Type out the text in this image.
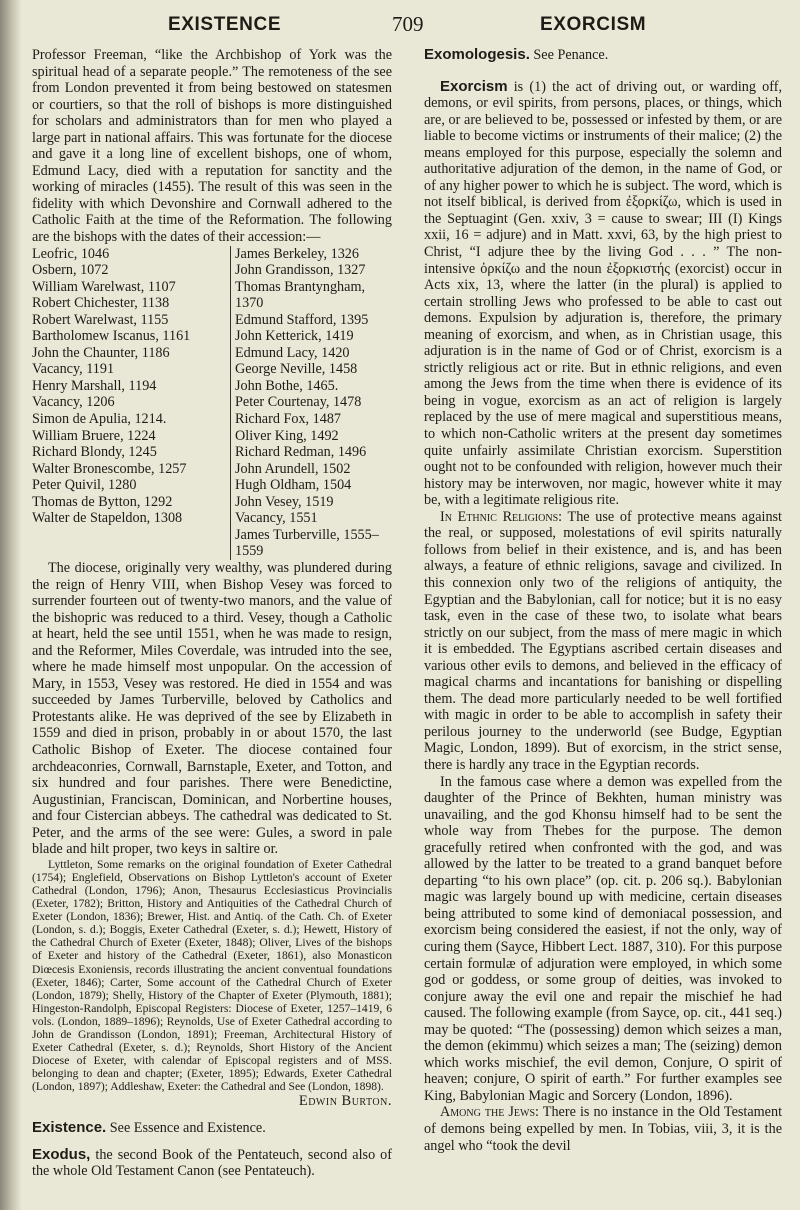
EXISTENCE	709	EXORCISM

Professor Freeman, “like the Archbishop of York was the spiritual head of a separate people.” The remoteness of the see from London prevented it from being bestowed on statesmen or courtiers, so that the roll of bishops is more distinguished for scholars and administrators than for men who played a large part in national affairs. This was fortunate for the diocese and gave it a long line of excellent bishops, one of whom, Edmund Lacy, died with a reputation for sanctity and the working of miracles (1455). The result of this was seen in the fidelity with which Devonshire and Cornwall adhered to the Catholic Faith at the time of the Reformation. The following are the bishops with the dates of their accession:—

Leofric, 1046
Osbern, 1072
William Warelwast, 1107
Robert Chichester, 1138
Robert Warelwast, 1155
Bartholomew Iscanus, 1161
John the Chaunter, 1186
Vacancy, 1191
Henry Marshall, 1194
Vacancy, 1206
Simon de Apulia, 1214.
William Bruere, 1224
Richard Blondy, 1245
Walter Bronescombe, 1257
Peter Quivil, 1280
Thomas de Bytton, 1292
Walter de Stapeldon, 1308
James Berkeley, 1326
John Grandisson, 1327
Thomas Brantyngham, 1370
Edmund Stafford, 1395
John Ketterick, 1419
Edmund Lacy, 1420
George Neville, 1458
John Bothe, 1465.
Peter Courtenay, 1478
Richard Fox, 1487
Oliver King, 1492
Richard Redman, 1496
John Arundell, 1502
Hugh Oldham, 1504
John Vesey, 1519
Vacancy, 1551
James Turberville, 1555–1559

The diocese, originally very wealthy, was plundered during the reign of Henry VIII, when Bishop Vesey was forced to surrender fourteen out of twenty-two manors, and the value of the bishopric was reduced to a third. Vesey, though a Catholic at heart, held the see until 1551, when he was made to resign, and the Reformer, Miles Coverdale, was intruded into the see, where he made himself most unpopular. On the accession of Mary, in 1553, Vesey was restored. He died in 1554 and was succeeded by James Turberville, beloved by Catholics and Protestants alike. He was deprived of the see by Elizabeth in 1559 and died in prison, probably in or about 1570, the last Catholic Bishop of Exeter. The diocese contained four archdeaconries, Cornwall, Barnstaple, Exeter, and Totton, and six hundred and four parishes. There were Benedictine, Augustinian, Franciscan, Dominican, and Norbertine houses, and four Cistercian abbeys. The cathedral was dedicated to St. Peter, and the arms of the see were: Gules, a sword in pale blade and hilt proper, two keys in saltire or.

Lyttleton, Some remarks on the original foundation of Exeter Cathedral (1754); Englefield, Observations on Bishop Lyttleton's account of Exeter Cathedral (London, 1796); Anon, Thesaurus Ecclesiasticus Provincialis (Exeter, 1782); Britton, History and Antiquities of the Cathedral Church of Exeter (London, 1836); Brewer, Hist. and Antiq. of the Cath. Ch. of Exeter (London, s. d.); Boggis, Exeter Cathedral (Exeter, s. d.); Hewett, History of the Cathedral Church of Exeter (Exeter, 1848); Oliver, Lives of the bishops of Exeter and history of the Cathedral (Exeter, 1861), also Monasticon Diœcesis Exoniensis, records illustrating the ancient conventual foundations (Exeter, 1846); Carter, Some account of the Cathedral Church of Exeter (London, 1879); Shelly, History of the Chapter of Exeter (Plymouth, 1881); Hingeston-Randolph, Episcopal Registers: Diocese of Exeter, 1257–1419, 6 vols. (London, 1889–1896); Reynolds, Use of Exeter Cathedral according to John de Grandisson (London, 1891); Freeman, Architectural History of Exeter Cathedral (Exeter, s. d.); Reynolds, Short History of the Ancient Diocese of Exeter, with calendar of Episcopal registers and of MSS. belonging to dean and chapter; (Exeter, 1895); Edwards, Exeter Cathedral (London, 1897); Addleshaw, Exeter: the Cathedral and See (London, 1898).

Edwin Burton.

Existence. See Essence and Existence.

Exodus, the second Book of the Pentateuch, second also of the whole Old Testament Canon (see Pentateuch).

Exomologesis. See Penance.

Exorcism is (1) the act of driving out, or warding off, demons, or evil spirits, from persons, places, or things, which are, or are believed to be, possessed or infested by them, or are liable to become victims or instruments of their malice; (2) the means employed for this purpose, especially the solemn and authoritative adjuration of the demon, in the name of God, or of any higher power to which he is subject. The word, which is not itself biblical, is derived from ἐξορκίζω, which is used in the Septuagint (Gen. xxiv, 3 = cause to swear; III (I) Kings xxii, 16 = adjure) and in Matt. xxvi, 63, by the high priest to Christ, “I adjure thee by the living God . . . ” The non-intensive ὁρκίζω and the noun ἐξορκιστής (exorcist) occur in Acts xix, 13, where the latter (in the plural) is applied to certain strolling Jews who professed to be able to cast out demons. Expulsion by adjuration is, therefore, the primary meaning of exorcism, and when, as in Christian usage, this adjuration is in the name of God or of Christ, exorcism is a strictly religious act or rite. But in ethnic religions, and even among the Jews from the time when there is evidence of its being in vogue, exorcism as an act of religion is largely replaced by the use of mere magical and superstitious means, to which non-Catholic writers at the present day sometimes quite unfairly assimilate Christian exorcism. Superstition ought not to be confounded with religion, however much their history may be interwoven, nor magic, however white it may be, with a legitimate religious rite.

In Ethnic Religions: The use of protective means against the real, or supposed, molestations of evil spirits naturally follows from belief in their existence, and is, and has been always, a feature of ethnic religions, savage and civilized. In this connexion only two of the religions of antiquity, the Egyptian and the Babylonian, call for notice; but it is no easy task, even in the case of these two, to isolate what bears strictly on our subject, from the mass of mere magic in which it is embedded. The Egyptians ascribed certain diseases and various other evils to demons, and believed in the efficacy of magical charms and incantations for banishing or dispelling them. The dead more particularly needed to be well fortified with magic in order to be able to accomplish in safety their perilous journey to the underworld (see Budge, Egyptian Magic, London, 1899). But of exorcism, in the strict sense, there is hardly any trace in the Egyptian records.

In the famous case where a demon was expelled from the daughter of the Prince of Bekhten, human ministry was unavailing, and the god Khonsu himself had to be sent the whole way from Thebes for the purpose. The demon gracefully retired when confronted with the god, and was allowed by the latter to be treated to a grand banquet before departing “to his own place” (op. cit. p. 206 sq.). Babylonian magic was largely bound up with medicine, certain diseases being attributed to some kind of demoniacal possession, and exorcism being considered the easiest, if not the only, way of curing them (Sayce, Hibbert Lect. 1887, 310). For this purpose certain formulæ of adjuration were employed, in which some god or goddess, or some group of deities, was invoked to conjure away the evil one and repair the mischief he had caused. The following example (from Sayce, op. cit., 441 seq.) may be quoted: “The (possessing) demon which seizes a man, the demon (ekimmu) which seizes a man; The (seizing) demon which works mischief, the evil demon, Conjure, O spirit of heaven; conjure, O spirit of earth.” For further examples see King, Babylonian Magic and Sorcery (London, 1896).

Among the Jews: There is no instance in the Old Testament of demons being expelled by men. In Tobias, viii, 3, it is the angel who “took the devil
